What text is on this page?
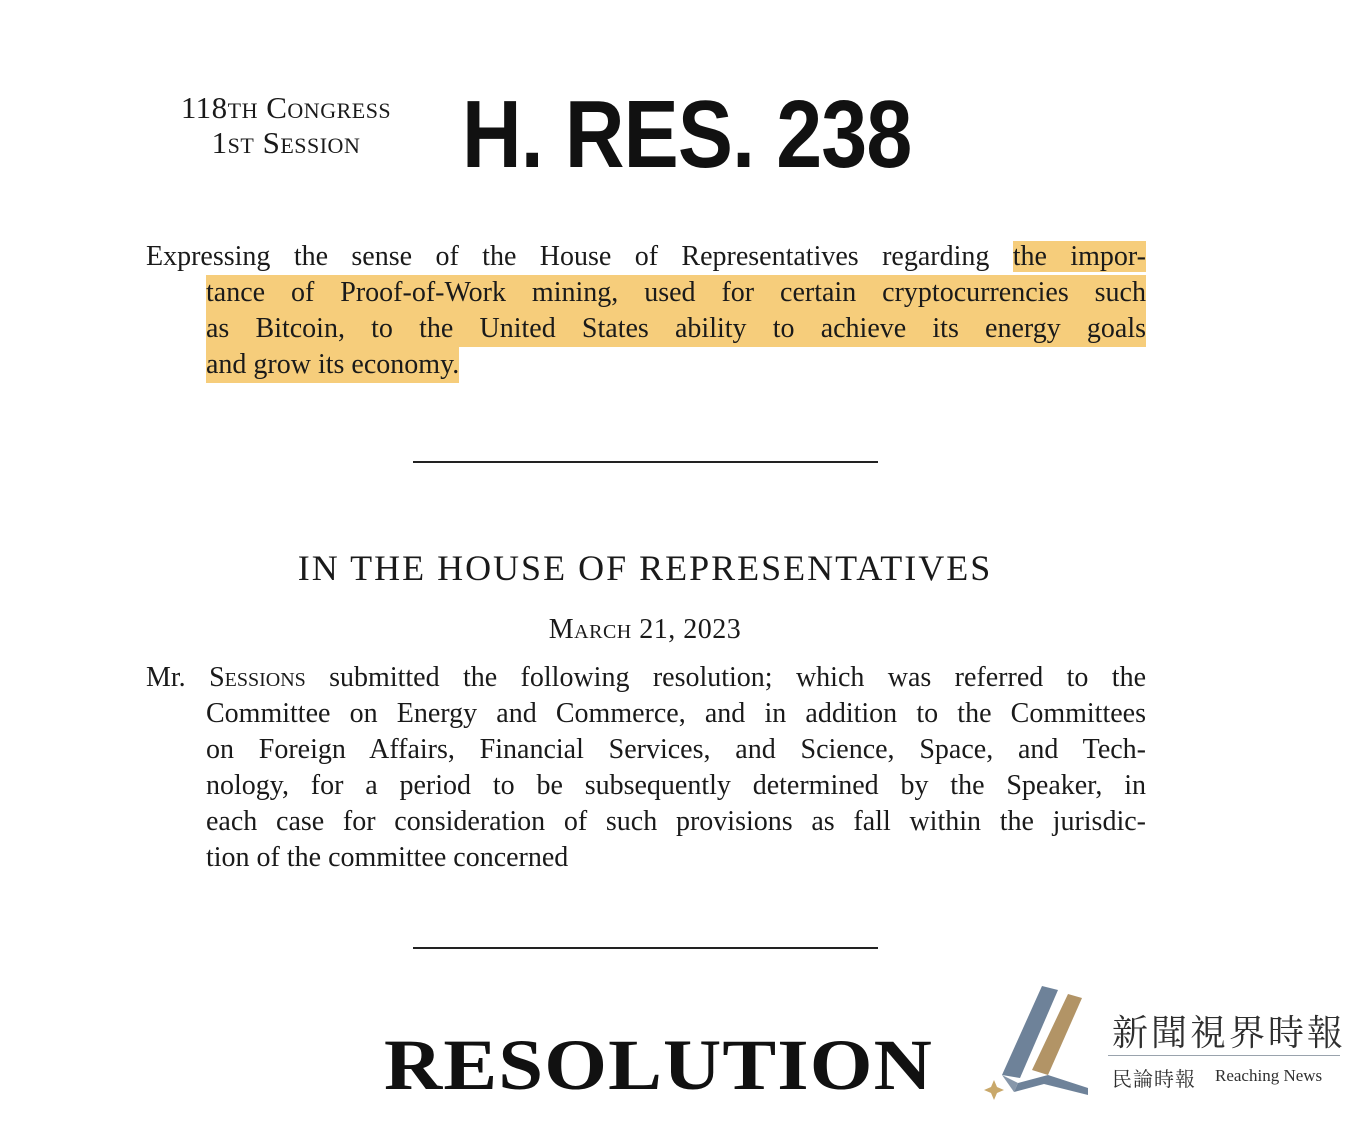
118th Congress
1st Session	H. RES. 238
Expressing the sense of the House of Representatives regarding the impor-
tance of Proof-of-Work mining, used for certain cryptocurrencies such
as Bitcoin, to the United States ability to achieve its energy goals
and grow its economy.
IN THE HOUSE OF REPRESENTATIVES
March 21, 2023
Mr. Sessions submitted the following resolution; which was referred to the
Committee on Energy and Commerce, and in addition to the Committees
on Foreign Affairs, Financial Services, and Science, Space, and Tech-
nology, for a period to be subsequently determined by the Speaker, in
each case for consideration of such provisions as fall within the jurisdic-
tion of the committee concerned
RESOLUTION	新聞視界時報
民論時報 Reaching News
